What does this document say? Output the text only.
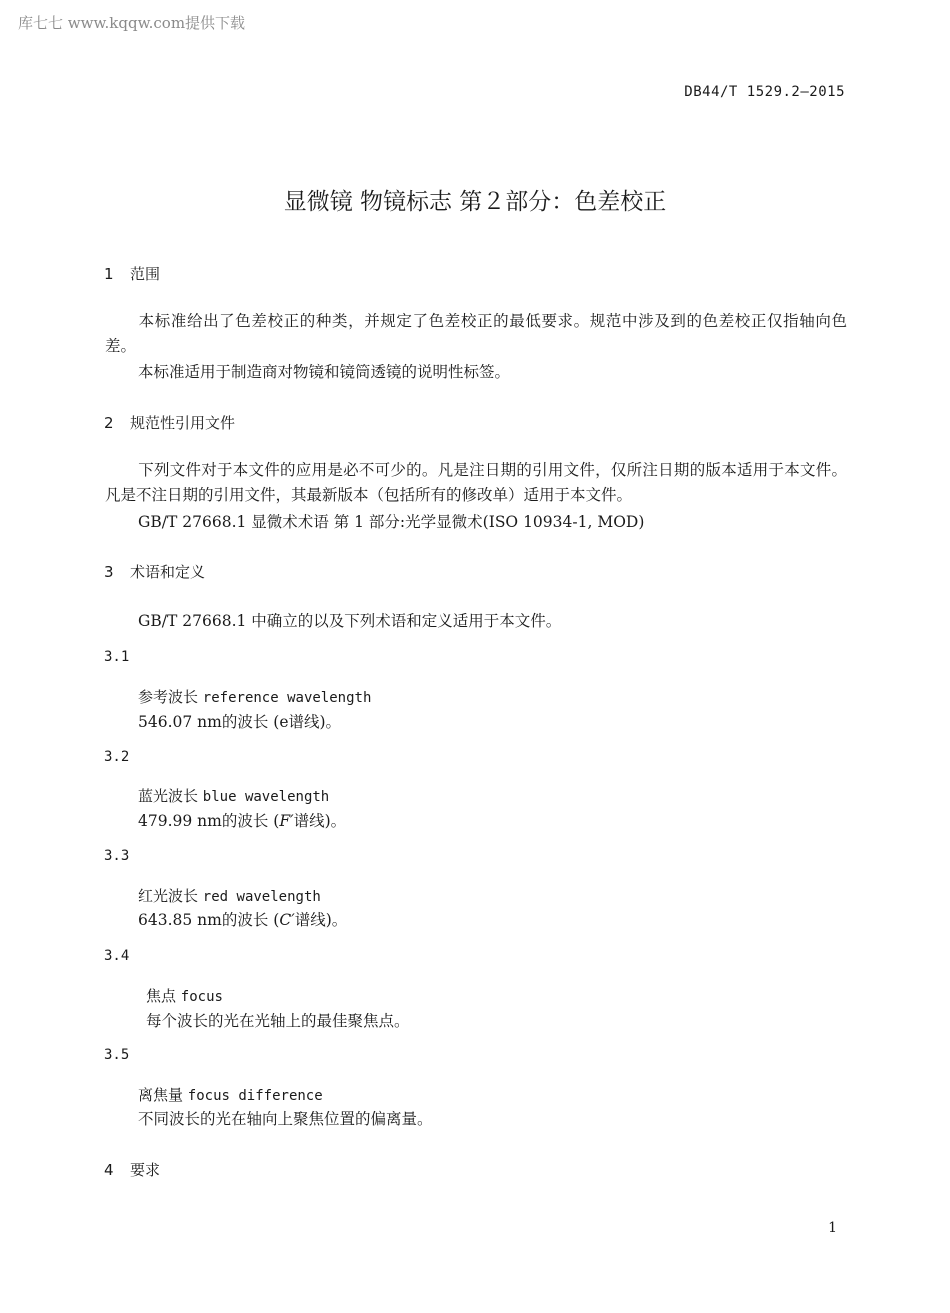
库七七 www.kqqw.com提供下载
DB44/T 1529.2—2015
显微镜 物镜标志 第２部分：色差校正
1 范围
本标准给出了色差校正的种类，并规定了色差校正的最低要求。规范中涉及到的色差校正仅指轴向色差。
本标准适用于制造商对物镜和镜筒透镜的说明性标签。
2 规范性引用文件
下列文件对于本文件的应用是必不可少的。凡是注日期的引用文件，仅所注日期的版本适用于本文件。凡是不注日期的引用文件，其最新版本（包括所有的修改单）适用于本文件。
GB/T 27668.1 显微术术语 第 1 部分:光学显微术(ISO 10934-1, MOD)
3 术语和定义
GB/T 27668.1 中确立的以及下列术语和定义适用于本文件。
3.1
参考波长 reference wavelength
546.07 nm的波长 (e谱线)。
3.2
蓝光波长 blue wavelength
479.99 nm的波长 (F′谱线)。
3.3
红光波长 red wavelength
643.85 nm的波长 (C′谱线)。
3.4
焦点 focus
每个波长的光在光轴上的最佳聚焦点。
3.5
离焦量 focus difference
不同波长的光在轴向上聚焦位置的偏离量。
4 要求
1
